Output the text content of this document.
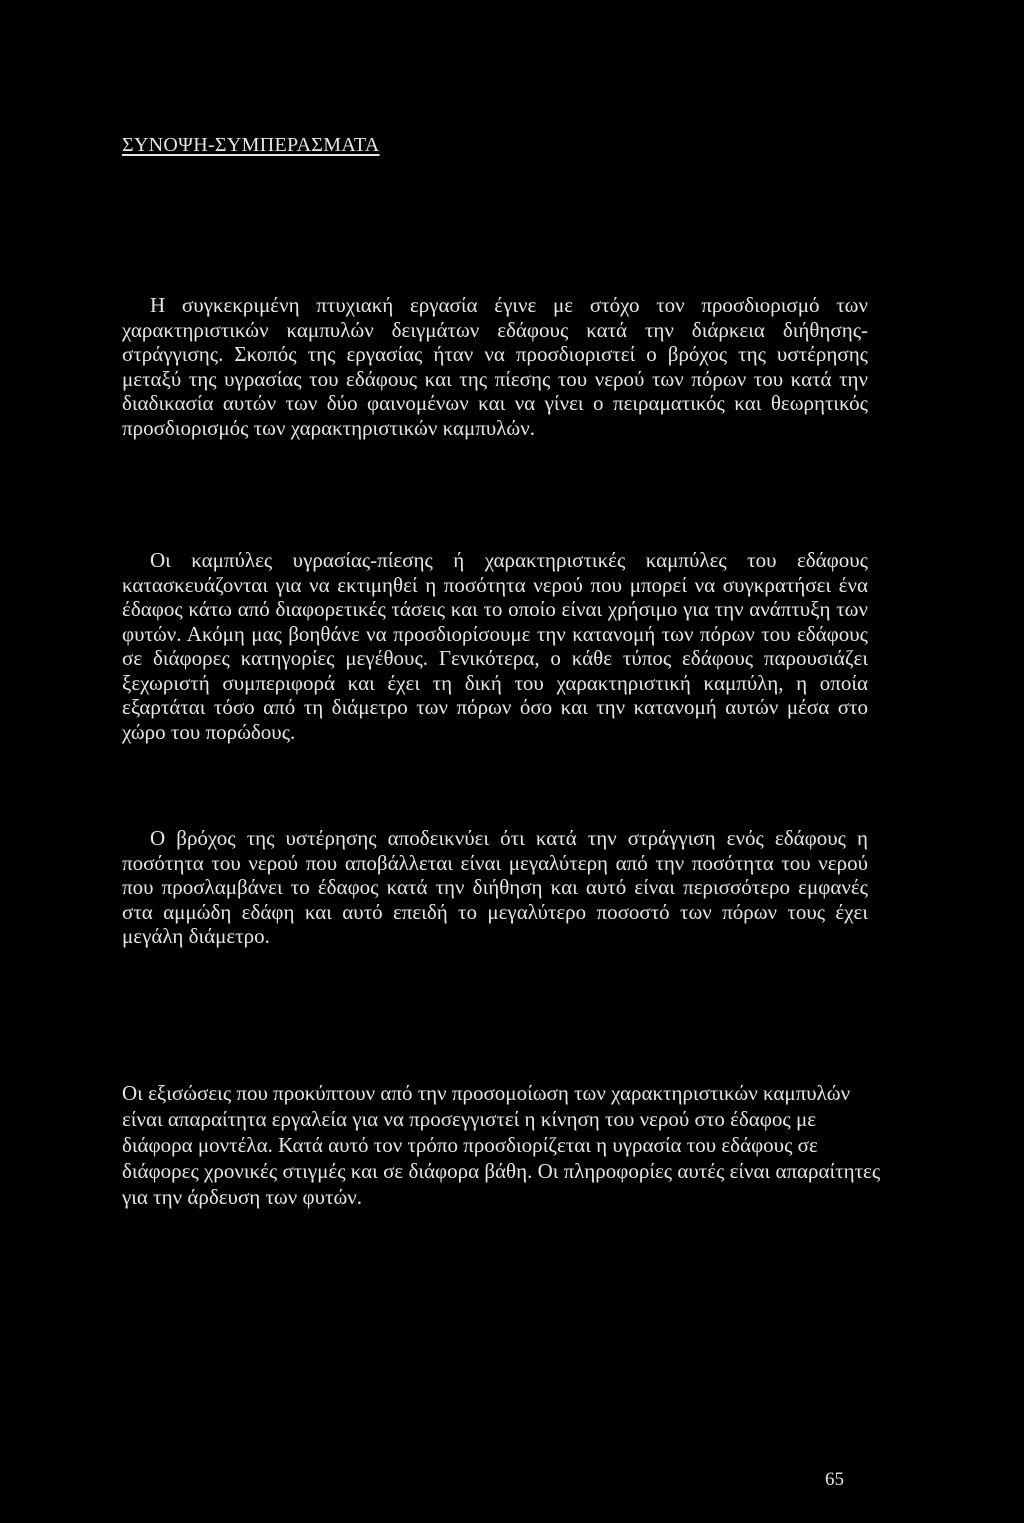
ΣΥΝΟΨΗ-ΣΥΜΠΕΡΑΣΜΑΤΑ

Η συγκεκριμένη πτυχιακή εργασία έγινε με στόχο τον προσδιορισμό των χαρακτηριστικών καμπυλών δειγμάτων εδάφους κατά την διάρκεια διήθησης-στράγγισης. Σκοπός της εργασίας ήταν να προσδιοριστεί ο βρόχος της υστέρησης μεταξύ της υγρασίας του εδάφους και της πίεσης του νερού των πόρων του κατά την διαδικασία αυτών των δύο φαινομένων και να γίνει ο πειραματικός και θεωρητικός προσδιορισμός των χαρακτηριστικών καμπυλών.

Οι καμπύλες υγρασίας-πίεσης ή χαρακτηριστικές καμπύλες του εδάφους κατασκευάζονται για να εκτιμηθεί η ποσότητα νερού που μπορεί να συγκρατήσει ένα έδαφος κάτω από διαφορετικές τάσεις και το οποίο είναι χρήσιμο για την ανάπτυξη των φυτών. Ακόμη μας βοηθάνε να προσδιορίσουμε την κατανομή των πόρων του εδάφους σε διάφορες κατηγορίες μεγέθους. Γενικότερα, ο κάθε τύπος εδάφους παρουσιάζει ξεχωριστή συμπεριφορά και έχει τη δική του χαρακτηριστική καμπύλη, η οποία εξαρτάται τόσο από τη διάμετρο των πόρων όσο και την κατανομή αυτών μέσα στο χώρο του πορώδους.

Ο βρόχος της υστέρησης αποδεικνύει ότι κατά την στράγγιση ενός εδάφους η ποσότητα του νερού που αποβάλλεται είναι μεγαλύτερη από την ποσότητα του νερού που προσλαμβάνει το έδαφος κατά την διήθηση και αυτό είναι περισσότερο εμφανές στα αμμώδη εδάφη και αυτό επειδή το μεγαλύτερο ποσοστό των πόρων τους έχει μεγάλη διάμετρο.

Οι εξισώσεις που προκύπτουν από την προσομοίωση των χαρακτηριστικών καμπυλών είναι απαραίτητα εργαλεία για να προσεγγιστεί η κίνηση του νερού στο έδαφος με διάφορα μοντέλα. Κατά αυτό τον τρόπο προσδιορίζεται η υγρασία του εδάφους σε διάφορες χρονικές στιγμές και σε διάφορα βάθη. Οι πληροφορίες αυτές είναι απαραίτητες για την άρδευση των φυτών.

65
